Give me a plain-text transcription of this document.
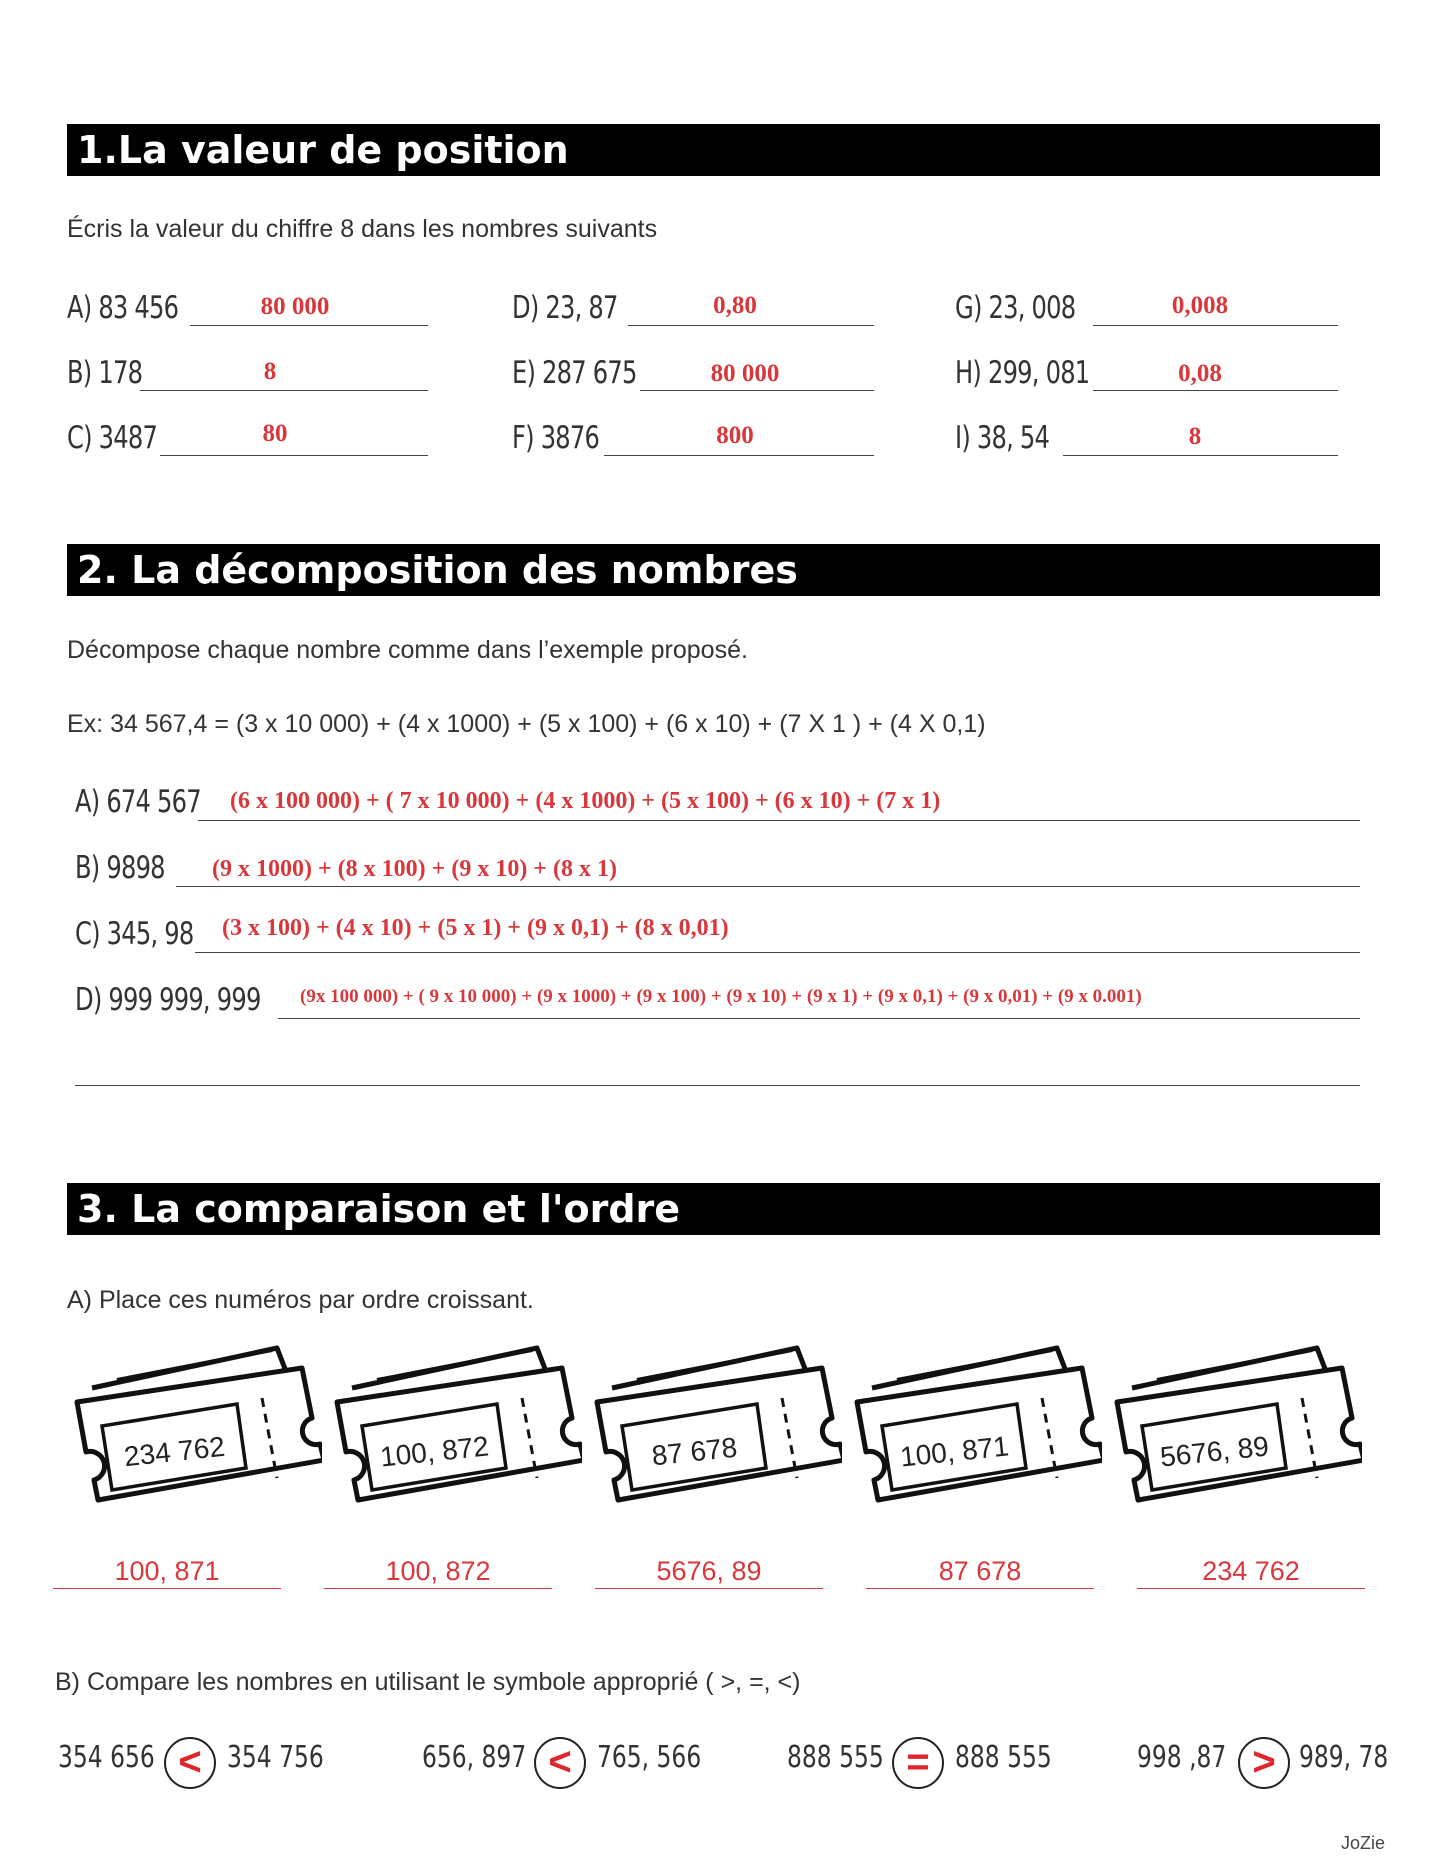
1.La valeur de position
Écris la valeur du chiffre 8 dans les nombres suivants
A) 83 456	80 000
B) 178	8
C) 3487	80
D) 23, 87	0,80
E) 287 675	80 000
F) 3876	800
G) 23, 008	0,008
H) 299, 081	0,08
I) 38, 54	8
2. La décomposition des nombres
Décompose chaque nombre comme dans l’exemple proposé.
Ex: 34 567,4 = (3 x 10 000) + (4 x 1000) + (5 x 100) + (6 x 10) + (7 X 1 ) + (4 X 0,1)
A) 674 567 (6 x 100 000) + ( 7 x 10 000) + (4 x 1000) + (5 x 100) + (6 x 10) + (7 x 1)
B) 9898 (9 x 1000) + (8 x 100) + (9 x 10) + (8 x 1)
C) 345, 98 (3 x 100) + (4 x 10) + (5 x 1) + (9 x 0,1) + (8 x 0,01)
D) 999 999, 999 (9x 100 000) + ( 9 x 10 000) + (9 x 1000) + (9 x 100) + (9 x 10) + (9 x 1) + (9 x 0,1) + (9 x 0,01) + (9 x 0.001)
3. La comparaison et l'ordre
A) Place ces numéros par ordre croissant.
234 762	100, 872	87 678	100, 871	5676, 89
100, 871	100, 872	5676, 89	87 678	234 762
B) Compare les nombres en utilisant le symbole approprié ( >, =, <)
354 656 < 354 756	656, 897 < 765, 566	888 555 = 888 555	998 ,87 > 989, 78
JoZie
